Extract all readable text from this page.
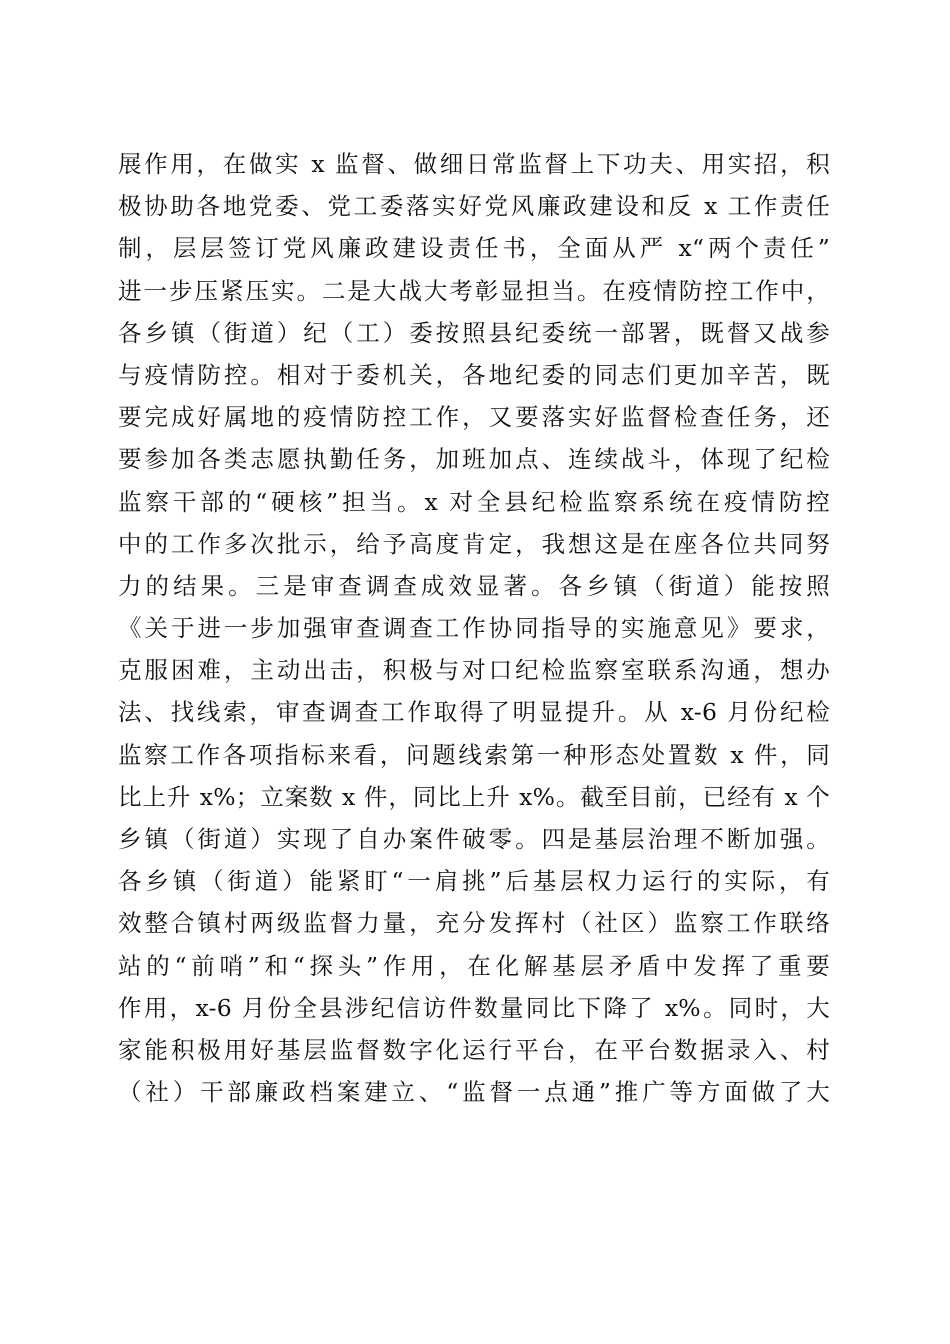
展作用，在做实 x 监督、做细日常监督上下功夫、用实招，积
极协助各地党委、党工委落实好党风廉政建设和反 x 工作责任
制，层层签订党风廉政建设责任书，全面从严 x“两个责任”
进一步压紧压实。二是大战大考彰显担当。在疫情防控工作中，
各乡镇（街道）纪（工）委按照县纪委统一部署，既督又战参
与疫情防控。相对于委机关，各地纪委的同志们更加辛苦，既
要完成好属地的疫情防控工作，又要落实好监督检查任务，还
要参加各类志愿执勤任务，加班加点、连续战斗，体现了纪检
监察干部的“硬核”担当。x 对全县纪检监察系统在疫情防控
中的工作多次批示，给予高度肯定，我想这是在座各位共同努
力的结果。三是审查调查成效显著。各乡镇（街道）能按照
《关于进一步加强审查调查工作协同指导的实施意见》要求，
克服困难，主动出击，积极与对口纪检监察室联系沟通，想办
法、找线索，审查调查工作取得了明显提升。从 x-6 月份纪检
监察工作各项指标来看，问题线索第一种形态处置数 x 件，同
比上升 x%；立案数 x 件，同比上升 x%。截至目前，已经有 x 个
乡镇（街道）实现了自办案件破零。四是基层治理不断加强。
各乡镇（街道）能紧盯“一肩挑”后基层权力运行的实际，有
效整合镇村两级监督力量，充分发挥村（社区）监察工作联络
站的“前哨”和“探头”作用，在化解基层矛盾中发挥了重要
作用，x-6 月份全县涉纪信访件数量同比下降了 x%。同时，大
家能积极用好基层监督数字化运行平台，在平台数据录入、村
（社）干部廉政档案建立、“监督一点通”推广等方面做了大
